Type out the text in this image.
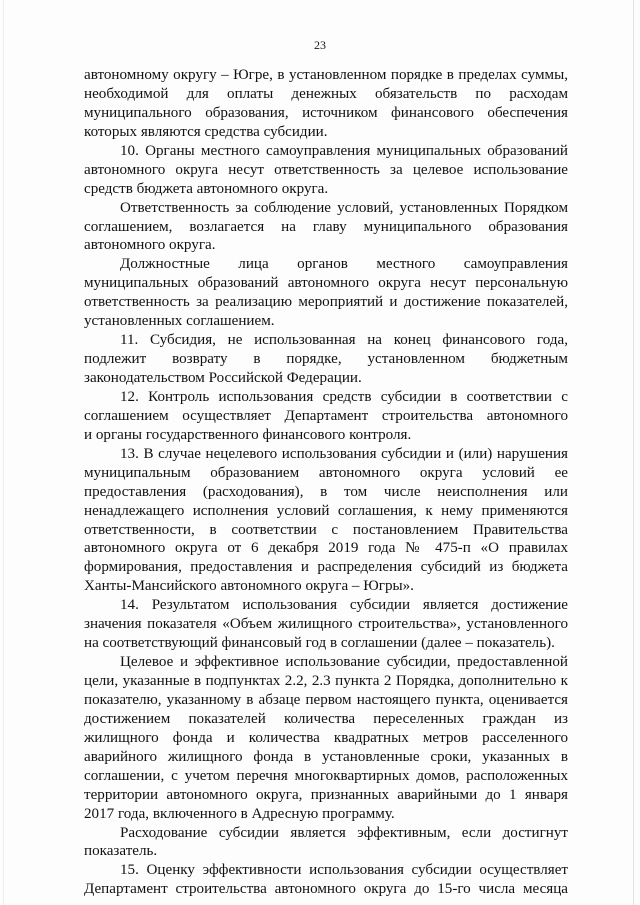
23
автономному округу – Югре, в установленном порядке в пределах суммы,
необходимой для оплаты денежных обязательств по расходам
муниципального образования, источником финансового обеспечения
которых являются средства субсидии.
10. Органы местного самоуправления муниципальных образований
автономного округа несут ответственность за целевое использование
средств бюджета автономного округа.
Ответственность за соблюдение условий, установленных Порядком
соглашением, возлагается на главу муниципального образования
автономного округа.
Должностные лица органов местного самоуправления
муниципальных образований автономного округа несут персональную
ответственность за реализацию мероприятий и достижение показателей,
установленных соглашением.
11. Субсидия, не использованная на конец финансового года,
подлежит возврату в порядке, установленном бюджетным
законодательством Российской Федерации.
12. Контроль использования средств субсидии в соответствии с
соглашением осуществляет Департамент строительства автономного
и органы государственного финансового контроля.
13. В случае нецелевого использования субсидии и (или) нарушения
муниципальным образованием автономного округа условий ее
предоставления (расходования), в том числе неисполнения или
ненадлежащего исполнения условий соглашения, к нему применяются
ответственности, в соответствии с постановлением Правительства
автономного округа от 6 декабря 2019 года № 475-п «О правилах
формирования, предоставления и распределения субсидий из бюджета
Ханты-Мансийского автономного округа – Югры».
14. Результатом использования субсидии является достижение
значения показателя «Объем жилищного строительства», установленного
на соответствующий финансовый год в соглашении (далее – показатель).
Целевое и эффективное использование субсидии, предоставленной
цели, указанные в подпунктах 2.2, 2.3 пункта 2 Порядка, дополнительно к
показателю, указанному в абзаце первом настоящего пункта, оценивается
достижением показателей количества переселенных граждан из
жилищного фонда и количества квадратных метров расселенного
аварийного жилищного фонда в установленные сроки, указанных в
соглашении, с учетом перечня многоквартирных домов, расположенных
территории автономного округа, признанных аварийными до 1 января
2017 года, включенного в Адресную программу.
Расходование субсидии является эффективным, если достигнут
показатель.
15. Оценку эффективности использования субсидии осуществляет
Департамент строительства автономного округа до 15-го числа месяца
